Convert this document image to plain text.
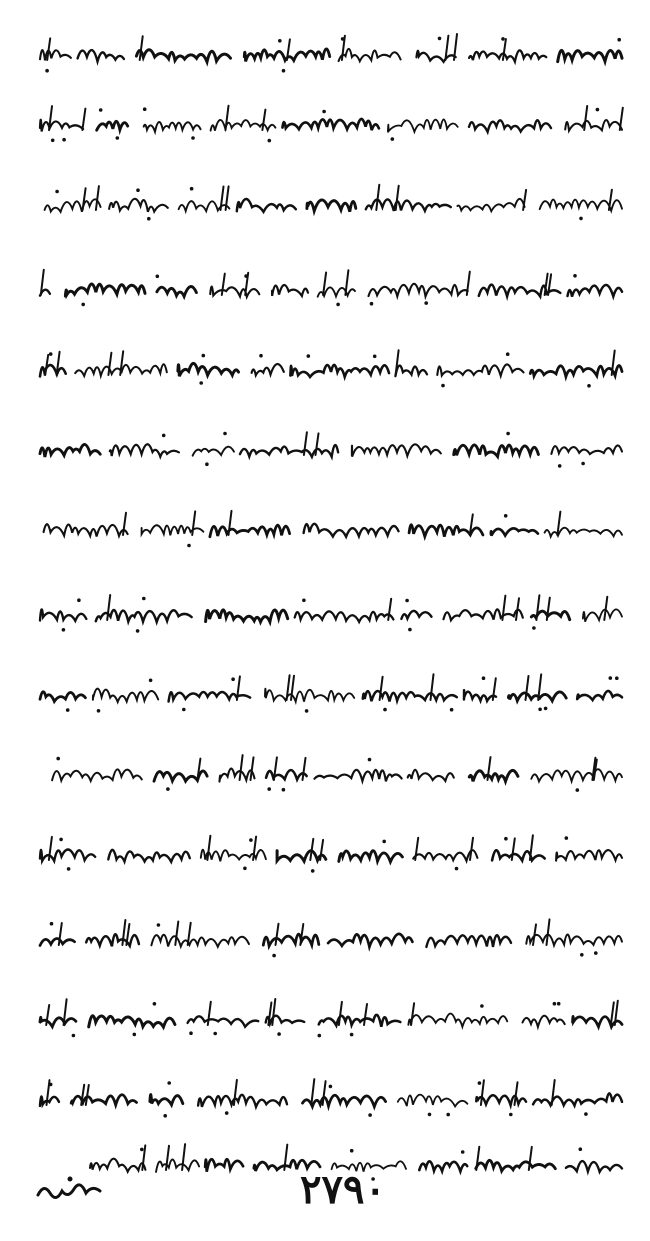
٢٧٩٠
